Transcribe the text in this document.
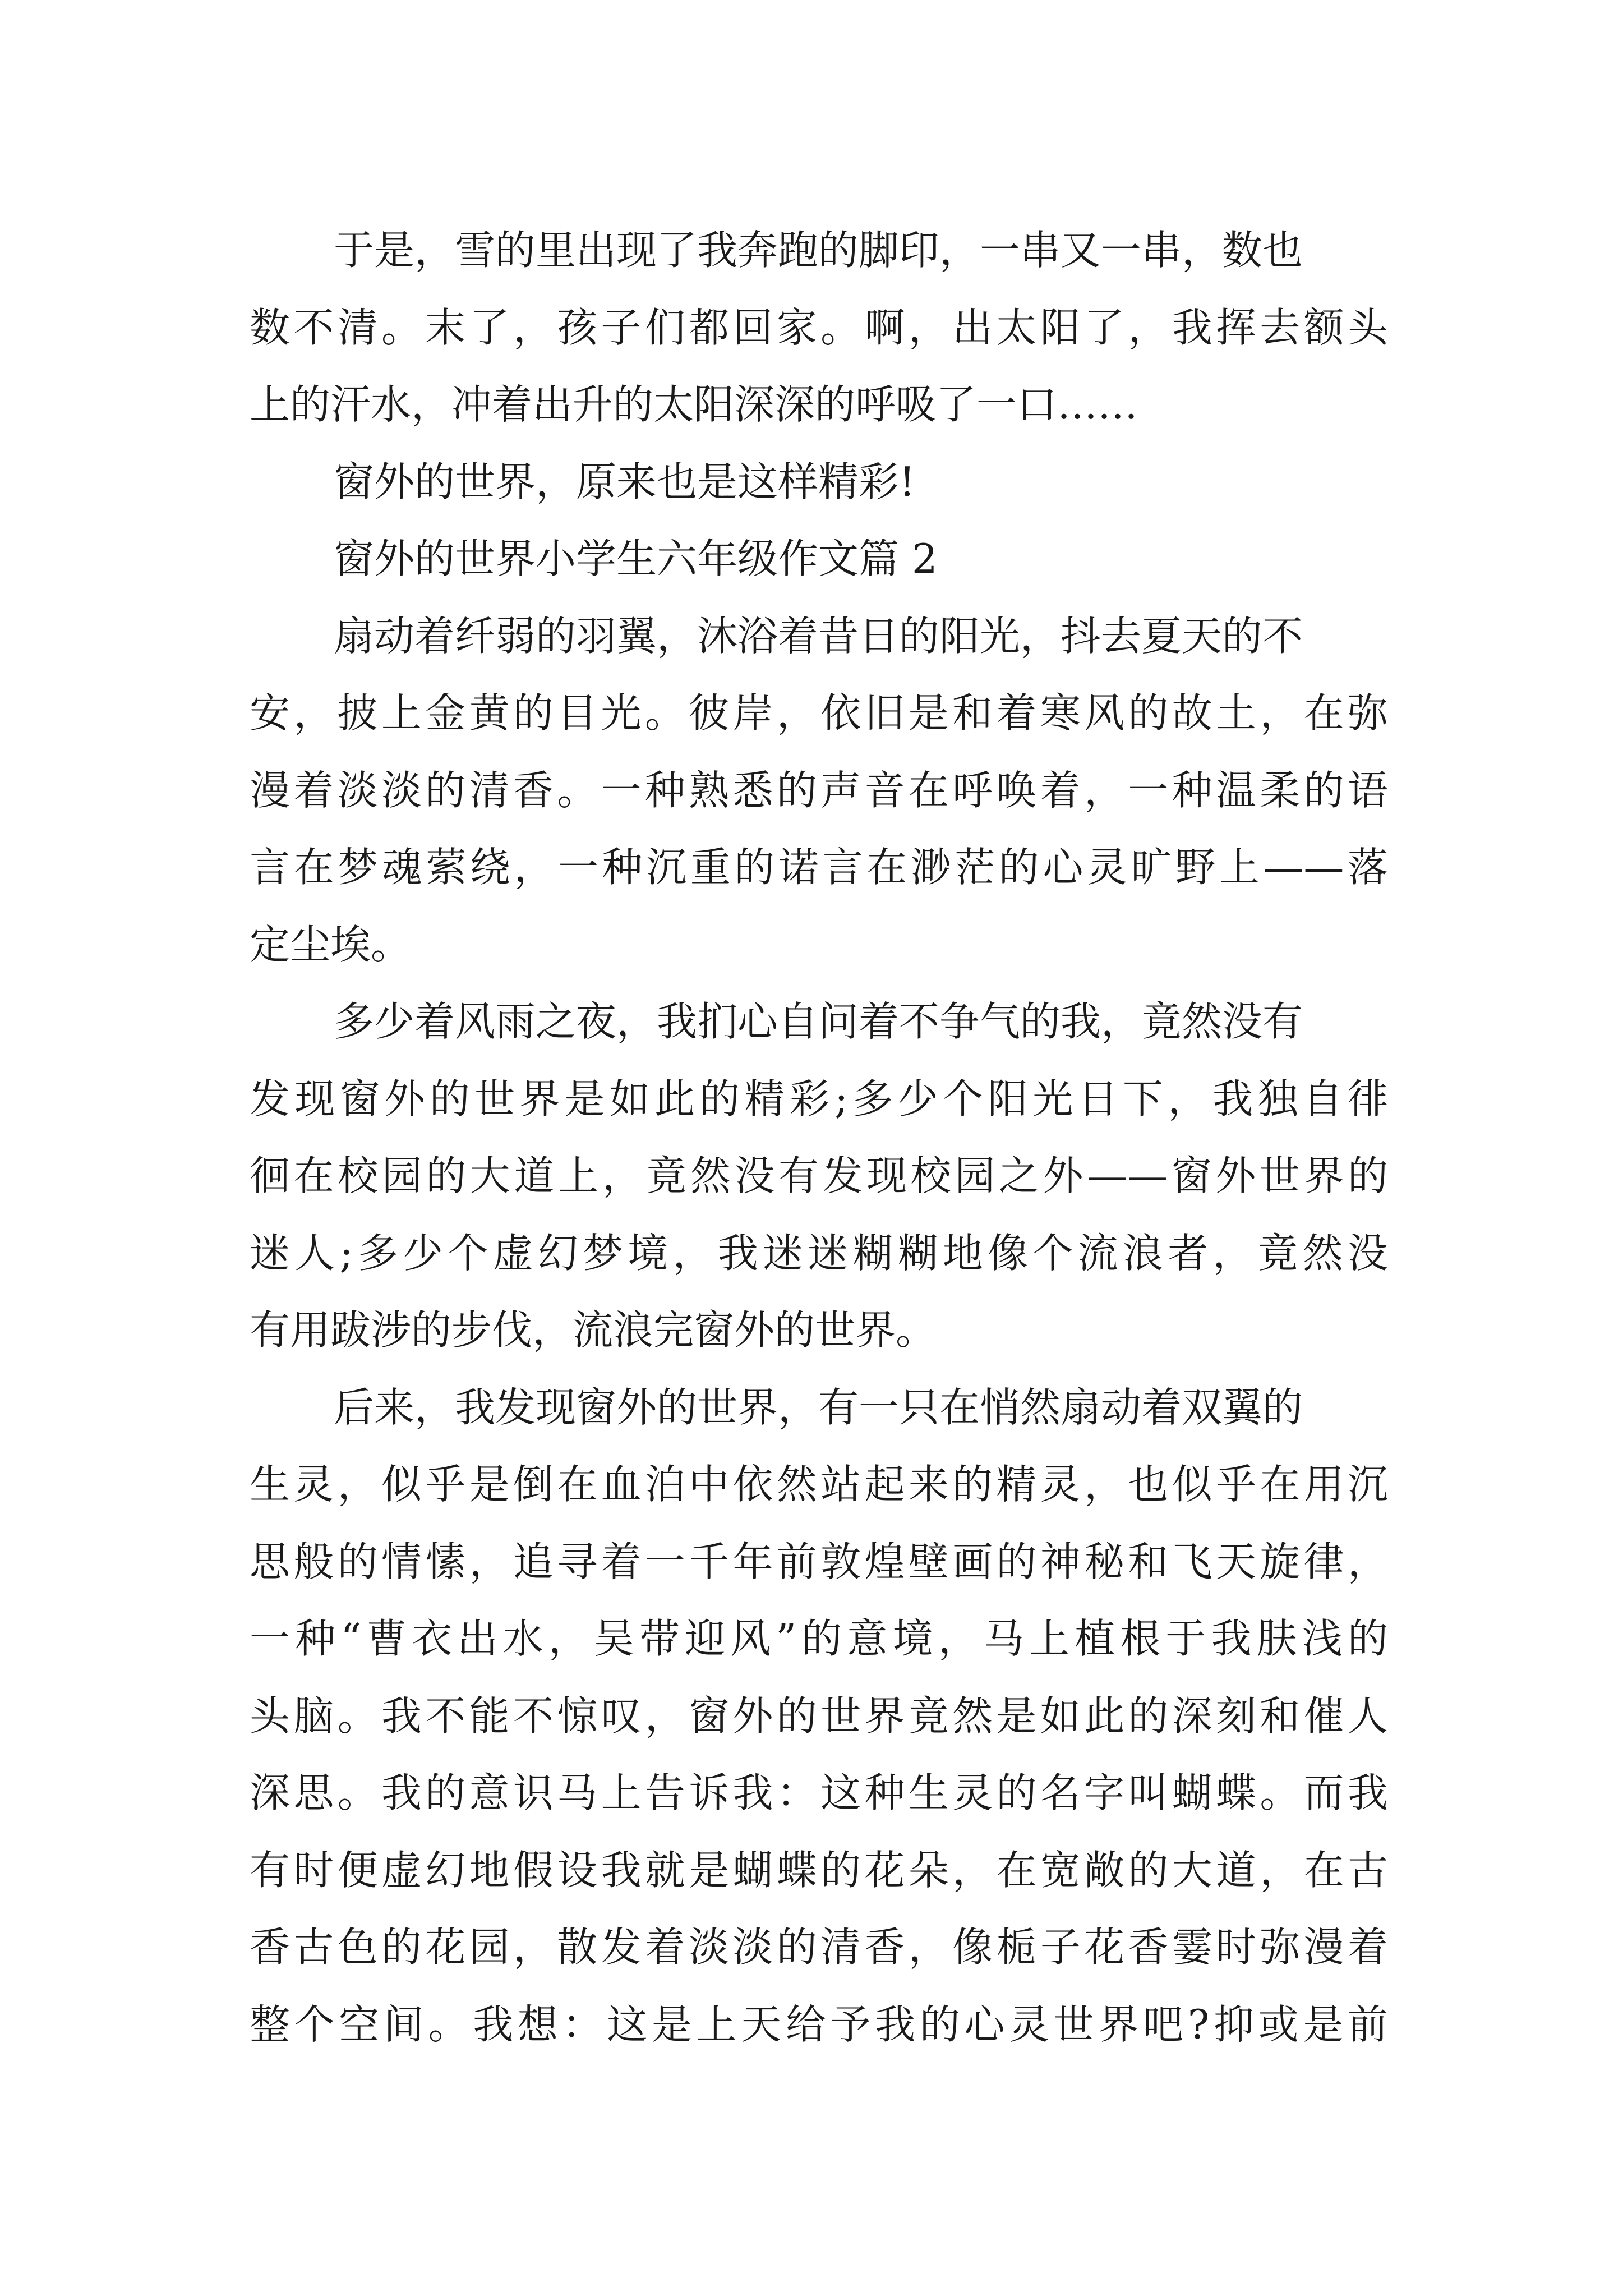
于是，雪的里出现了我奔跑的脚印，一串又一串，数也
数不清。末了，孩子们都回家。啊，出太阳了，我挥去额头
上的汗水，冲着出升的太阳深深的呼吸了一口……
窗外的世界，原来也是这样精彩!
窗外的世界小学生六年级作文篇 2
扇动着纤弱的羽翼，沐浴着昔日的阳光，抖去夏天的不
安，披上金黄的目光。彼岸，依旧是和着寒风的故土，在弥
漫着淡淡的清香。一种熟悉的声音在呼唤着，一种温柔的语
言在梦魂萦绕，一种沉重的诺言在渺茫的心灵旷野上——落
定尘埃。
多少着风雨之夜，我扪心自问着不争气的我，竟然没有
发现窗外的世界是如此的精彩;多少个阳光日下，我独自徘
徊在校园的大道上，竟然没有发现校园之外——窗外世界的
迷人;多少个虚幻梦境，我迷迷糊糊地像个流浪者，竟然没
有用跋涉的步伐，流浪完窗外的世界。
后来，我发现窗外的世界，有一只在悄然扇动着双翼的
生灵，似乎是倒在血泊中依然站起来的精灵，也似乎在用沉
思般的情愫，追寻着一千年前敦煌壁画的神秘和飞天旋律，
一种“曹衣出水，吴带迎风”的意境，马上植根于我肤浅的
头脑。我不能不惊叹，窗外的世界竟然是如此的深刻和催人
深思。我的意识马上告诉我：这种生灵的名字叫蝴蝶。而我
有时便虚幻地假设我就是蝴蝶的花朵，在宽敞的大道，在古
香古色的花园，散发着淡淡的清香，像栀子花香霎时弥漫着
整个空间。我想：这是上天给予我的心灵世界吧?抑或是前
